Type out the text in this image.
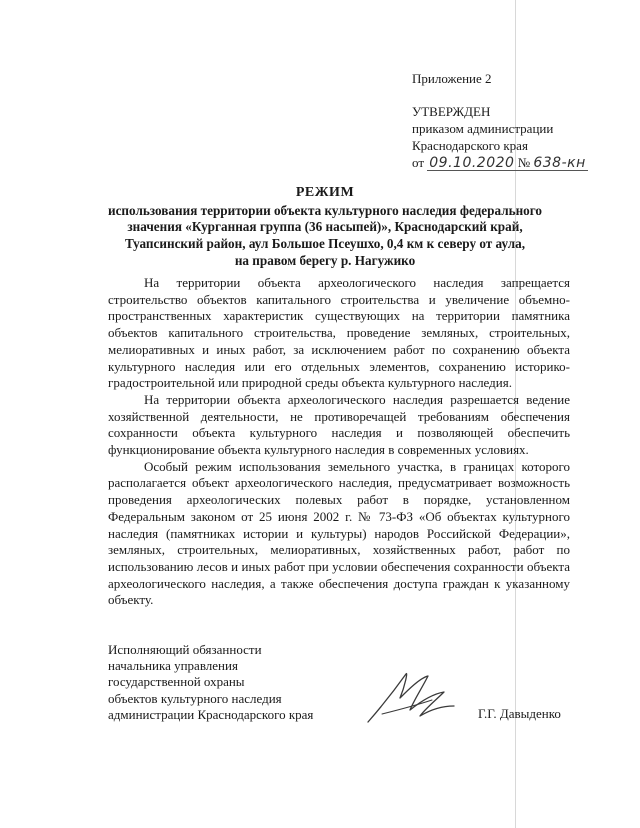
Приложение 2
УТВЕРЖДЕН
приказом администрации
Краснодарского края
от 09.10.2020 № 638-кн
РЕЖИМ
использования территории объекта культурного наследия федерального
значения «Курганная группа (36 насыпей)», Краснодарский край,
Туапсинский район, аул Большое Псеушхо, 0,4 км к северу от аула,
на правом берегу р. Нагужико

На территории объекта археологического наследия запрещается строительство объектов капитального строительства и увеличение объемно-пространственных характеристик существующих на территории памятника объектов капитального строительства, проведение земляных, строительных, мелиоративных и иных работ, за исключением работ по сохранению объекта культурного наследия или его отдельных элементов, сохранению историко-градостроительной или природной среды объекта культурного наследия.

На территории объекта археологического наследия разрешается ведение хозяйственной деятельности, не противоречащей требованиям обеспечения сохранности объекта культурного наследия и позволяющей обеспечить функционирование объекта культурного наследия в современных условиях.

Особый режим использования земельного участка, в границах которого располагается объект археологического наследия, предусматривает возможность проведения археологических полевых работ в порядке, установленном Федеральным законом от 25 июня 2002 г. № 73-ФЗ «Об объектах культурного наследия (памятниках истории и культуры) народов Российской Федерации», земляных, строительных, мелиоративных, хозяйственных работ, работ по использованию лесов и иных работ при условии обеспечения сохранности объекта археологического наследия, а также обеспечения доступа граждан к указанному объекту.

Исполняющий обязанности
начальника управления
государственной охраны
объектов культурного наследия
администрации Краснодарского края	Г.Г. Давыденко
